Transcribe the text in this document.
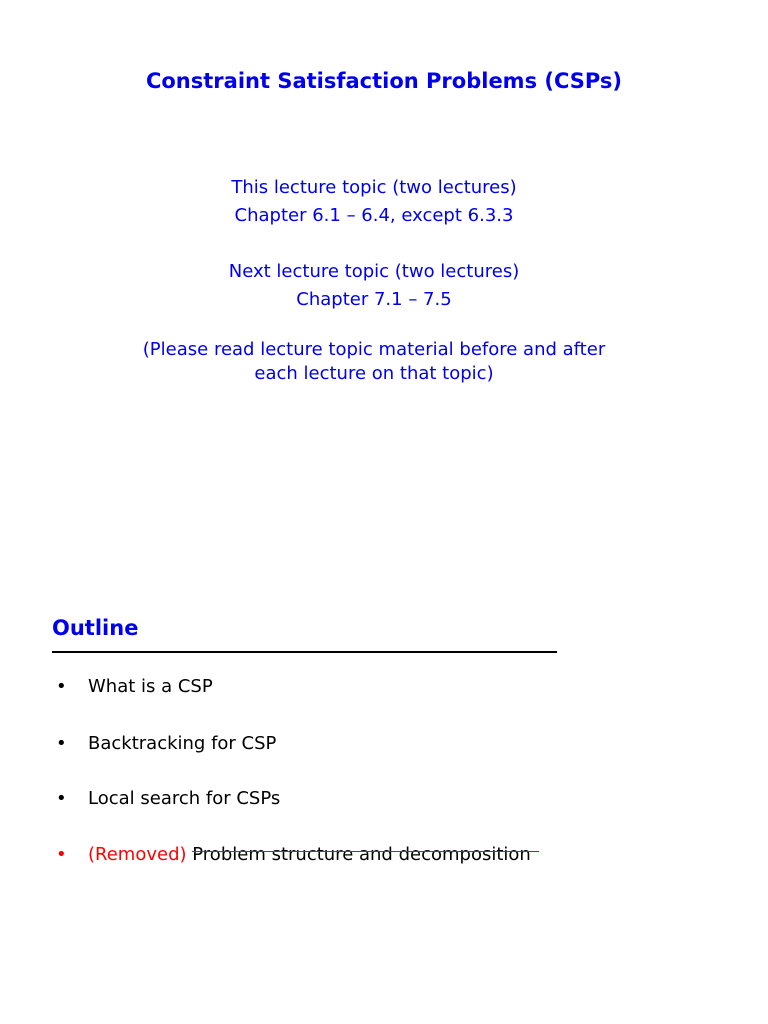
Constraint Satisfaction Problems (CSPs)
This lecture topic (two lectures)
Chapter 6.1 – 6.4, except 6.3.3
Next lecture topic (two lectures)
Chapter 7.1 – 7.5
(Please read lecture topic material before and after
each lecture on that topic)
Outline
• What is a CSP
• Backtracking for CSP
• Local search for CSPs
• (Removed) Problem structure and decomposition
